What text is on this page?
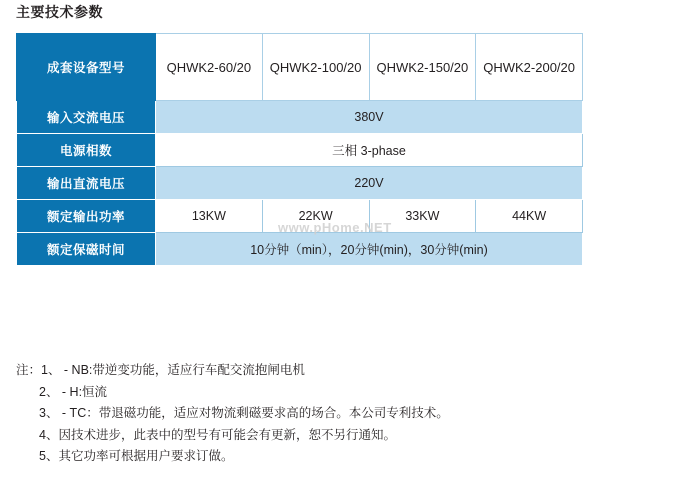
主要技术参数
成套设备型号	QHWK2-60/20	QHWK2-100/20	QHWK2-150/20	QHWK2-200/20
输入交流电压	380V			
电源相数	三相 3-phase			
输出直流电压	220V			
额定输出功率	13KW	22KW	33KW	44KW
额定保磁时间	10分钟（min），20分钟(min)，30分钟(min)			
www.pHome.NET
注：1、 - NB:带逆变功能，适应行车配交流抱闸电机
2、 - H:恒流
3、 - TC：带退磁功能，适应对物流剩磁要求高的场合。本公司专利技术。
4、因技术进步，此表中的型号有可能会有更新，恕不另行通知。
5、其它功率可根据用户要求订做。
